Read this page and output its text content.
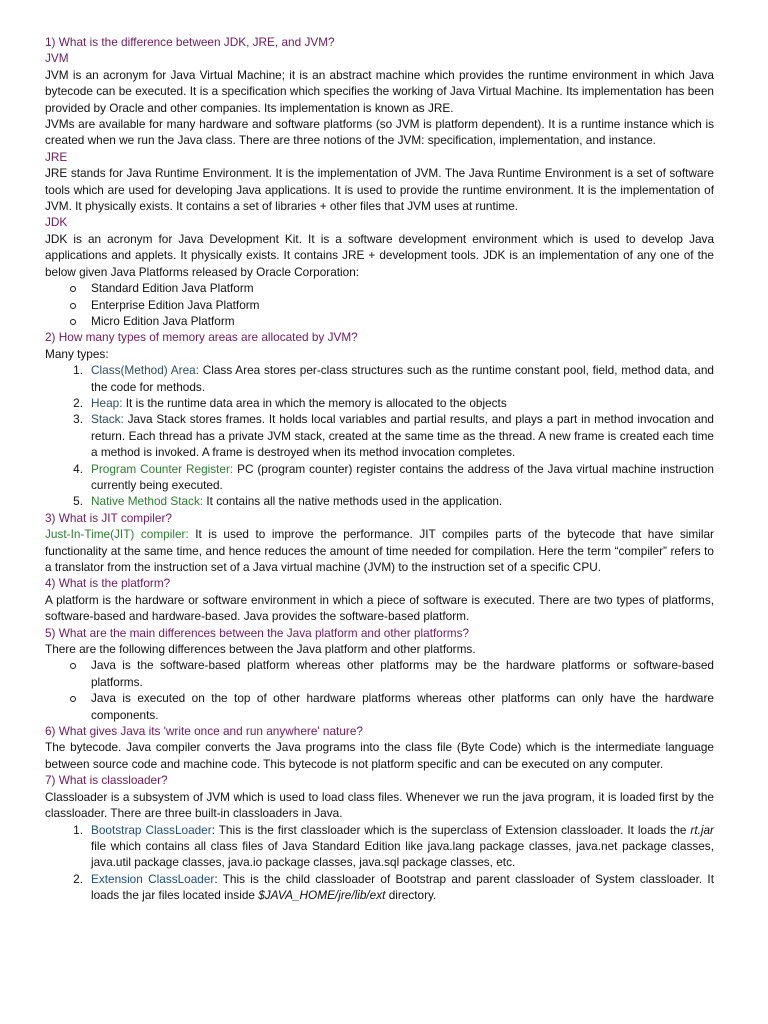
1) What is the difference between JDK, JRE, and JVM?

JVM

JVM is an acronym for Java Virtual Machine; it is an abstract machine which provides the runtime environment in which Java bytecode can be executed. It is a specification which specifies the working of Java Virtual Machine. Its implementation has been provided by Oracle and other companies. Its implementation is known as JRE.

JVMs are available for many hardware and software platforms (so JVM is platform dependent). It is a runtime instance which is created when we run the Java class. There are three notions of the JVM: specification, implementation, and instance.

JRE

JRE stands for Java Runtime Environment. It is the implementation of JVM. The Java Runtime Environment is a set of software tools which are used for developing Java applications. It is used to provide the runtime environment. It is the implementation of JVM. It physically exists. It contains a set of libraries + other files that JVM uses at runtime.

JDK

JDK is an acronym for Java Development Kit. It is a software development environment which is used to develop Java applications and applets. It physically exists. It contains JRE + development tools. JDK is an implementation of any one of the below given Java Platforms released by Oracle Corporation:

Standard Edition Java Platform
Enterprise Edition Java Platform
Micro Edition Java Platform

2) How many types of memory areas are allocated by JVM?

Many types:

1. Class(Method) Area: Class Area stores per-class structures such as the runtime constant pool, field, method data, and the code for methods.
2. Heap: It is the runtime data area in which the memory is allocated to the objects
3. Stack: Java Stack stores frames. It holds local variables and partial results, and plays a part in method invocation and return. Each thread has a private JVM stack, created at the same time as the thread. A new frame is created each time a method is invoked. A frame is destroyed when its method invocation completes.
4. Program Counter Register: PC (program counter) register contains the address of the Java virtual machine instruction currently being executed.
5. Native Method Stack: It contains all the native methods used in the application.

3) What is JIT compiler?

Just-In-Time(JIT) compiler: It is used to improve the performance. JIT compiles parts of the bytecode that have similar functionality at the same time, and hence reduces the amount of time needed for compilation. Here the term “compiler” refers to a translator from the instruction set of a Java virtual machine (JVM) to the instruction set of a specific CPU.

4) What is the platform?

A platform is the hardware or software environment in which a piece of software is executed. There are two types of platforms, software-based and hardware-based. Java provides the software-based platform.

5) What are the main differences between the Java platform and other platforms?

There are the following differences between the Java platform and other platforms.

Java is the software-based platform whereas other platforms may be the hardware platforms or software-based platforms.
Java is executed on the top of other hardware platforms whereas other platforms can only have the hardware components.

6) What gives Java its 'write once and run anywhere' nature?

The bytecode. Java compiler converts the Java programs into the class file (Byte Code) which is the intermediate language between source code and machine code. This bytecode is not platform specific and can be executed on any computer.

7) What is classloader?

Classloader is a subsystem of JVM which is used to load class files. Whenever we run the java program, it is loaded first by the classloader. There are three built-in classloaders in Java.

1. Bootstrap ClassLoader: This is the first classloader which is the superclass of Extension classloader. It loads the rt.jar file which contains all class files of Java Standard Edition like java.lang package classes, java.net package classes, java.util package classes, java.io package classes, java.sql package classes, etc.
2. Extension ClassLoader: This is the child classloader of Bootstrap and parent classloader of System classloader. It loads the jar files located inside $JAVA_HOME/jre/lib/ext directory.
